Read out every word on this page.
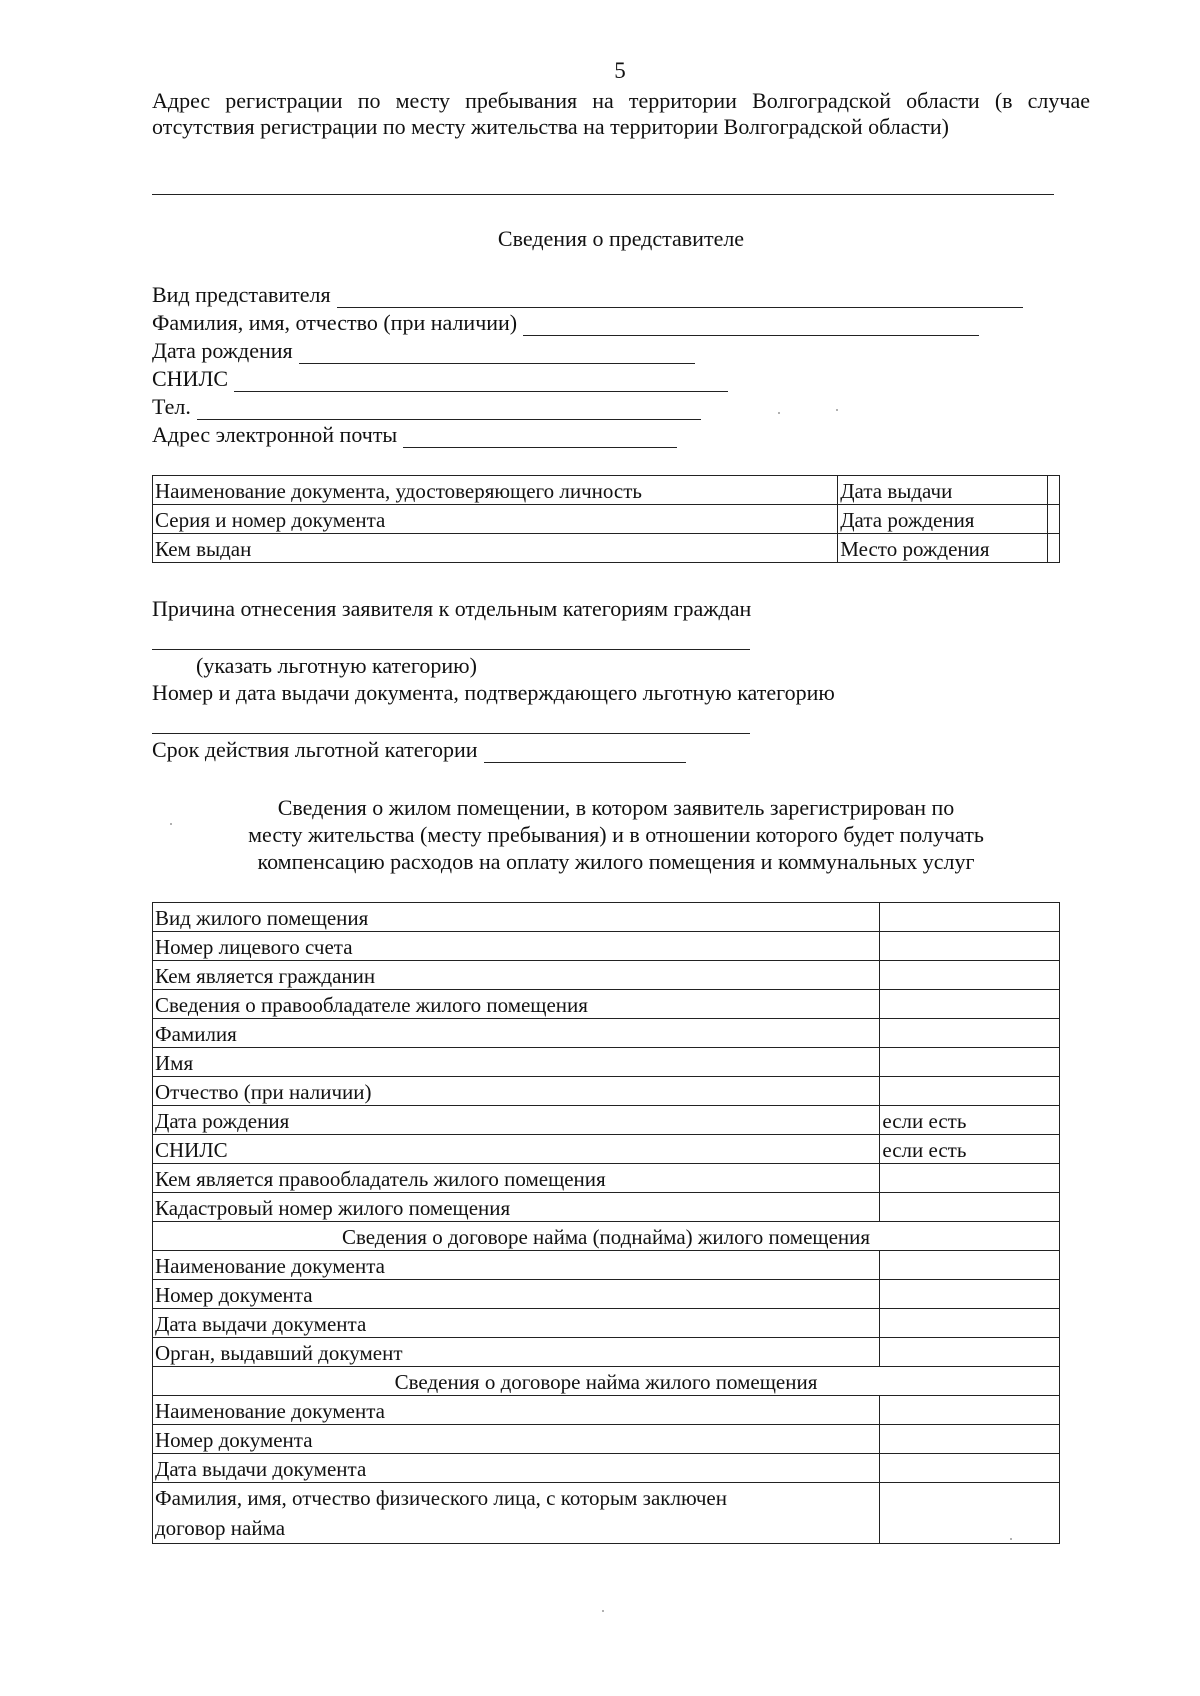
5
Адрес регистрации по месту пребывания на территории Волгоградской области (в случае отсутствия регистрации по месту жительства на территории Волгоградской области)
Сведения о представителе
Вид представителя
Фамилия, имя, отчество (при наличии)
Дата рождения
СНИЛС
Тел.
Адрес электронной почты
Наименование документа, удостоверяющего личность	Дата выдачи	
Серия и номер документа	Дата рождения	
Кем выдан	Место рождения	
Причина отнесения заявителя к отдельным категориям граждан
(указать льготную категорию)
Номер и дата выдачи документа, подтверждающего льготную категорию
Срок действия льготной категории
Сведения о жилом помещении, в котором заявитель зарегистрирован по
месту жительства (месту пребывания) и в отношении которого будет получать
компенсацию расходов на оплату жилого помещения и коммунальных услуг
Вид жилого помещения	
Номер лицевого счета	
Кем является гражданин	
Сведения о правообладателе жилого помещения	
Фамилия	
Имя	
Отчество (при наличии)	
Дата рождения	если есть
СНИЛС	если есть
Кем является правообладатель жилого помещения	
Кадастровый номер жилого помещения	
Сведения о договоре найма (поднайма) жилого помещения	
Наименование документа	
Номер документа	
Дата выдачи документа	
Орган, выдавший документ	
Сведения о договоре найма жилого помещения	
Наименование документа	
Номер документа	
Дата выдачи документа	

Фамилия, имя, отчество физического лица, с которым заключен
договор найма	
